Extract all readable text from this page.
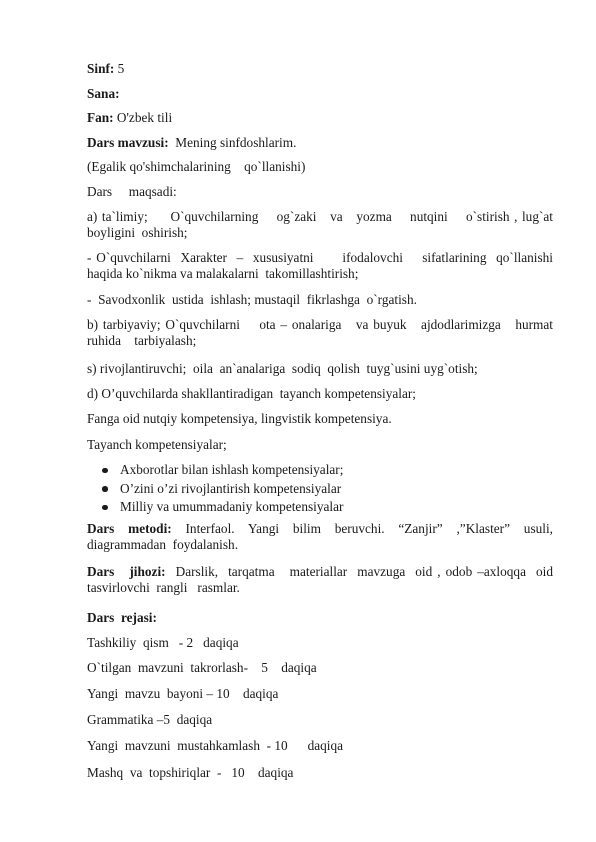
Sinf: 5
Sana:
Fan: O'zbek tili
Dars mavzusi:  Mening sinfdoshlarim.
(Egalik qo'shimchalarining    qo`llanishi)
Dars     maqsadi:
a) ta`limiy;     O`quvchilarning    og`zaki   va   yozma    nutqini    o`stirish , lug`at boyligini  oshirish;
- O`quvchilarni  Xarakter  –  xususiyatni      ifodalovchi    sifatlarining  qo`llanishi haqida ko`nikma va malakalarni  takomillashtirish;
-  Savodxonlik  ustida  ishlash; mustaqil  fikrlashga  o`rgatish.
b) tarbiyaviy; O`quvchilarni    ota – onalariga   va buyuk   ajdodlarimizga   hurmat ruhida    tarbiyalash;
s) rivojlantiruvchi;  oila  an`analariga  sodiq  qolish  tuyg`usini uyg`otish;
d) O’quvchilarda shakllantiradigan  tayanch kompetensiyalar;
Fanga oid nutqiy kompetensiya, lingvistik kompetensiya.
Tayanch kompetensiyalar;
Axborotlar bilan ishlash kompetensiyalar;
O’zini o’zi rivojlantirish kompetensiyalar
Milliy va umummadaniy kompetensiyalar
Dars  metodi:  Interfaol.  Yangi  bilim  beruvchi.  “Zanjir”  ,”Klaster”  usuli, diagrammadan  foydalanish.
Dars   jihozi:  Darslik,  tarqatma   materiallar  mavzuga  oid , odob –axloqqa  oid tasvirlovchi  rangli   rasmlar.
Dars  rejasi:
Tashkiliy  qism   - 2   daqiqa
O`tilgan  mavzuni  takrorlash-    5    daqiqa
Yangi  mavzu  bayoni – 10    daqiqa
Grammatika –5  daqiqa
Yangi  mavzuni  mustahkamlash  - 10      daqiqa
Mashq  va  topshiriqlar  -   10    daqiqa
